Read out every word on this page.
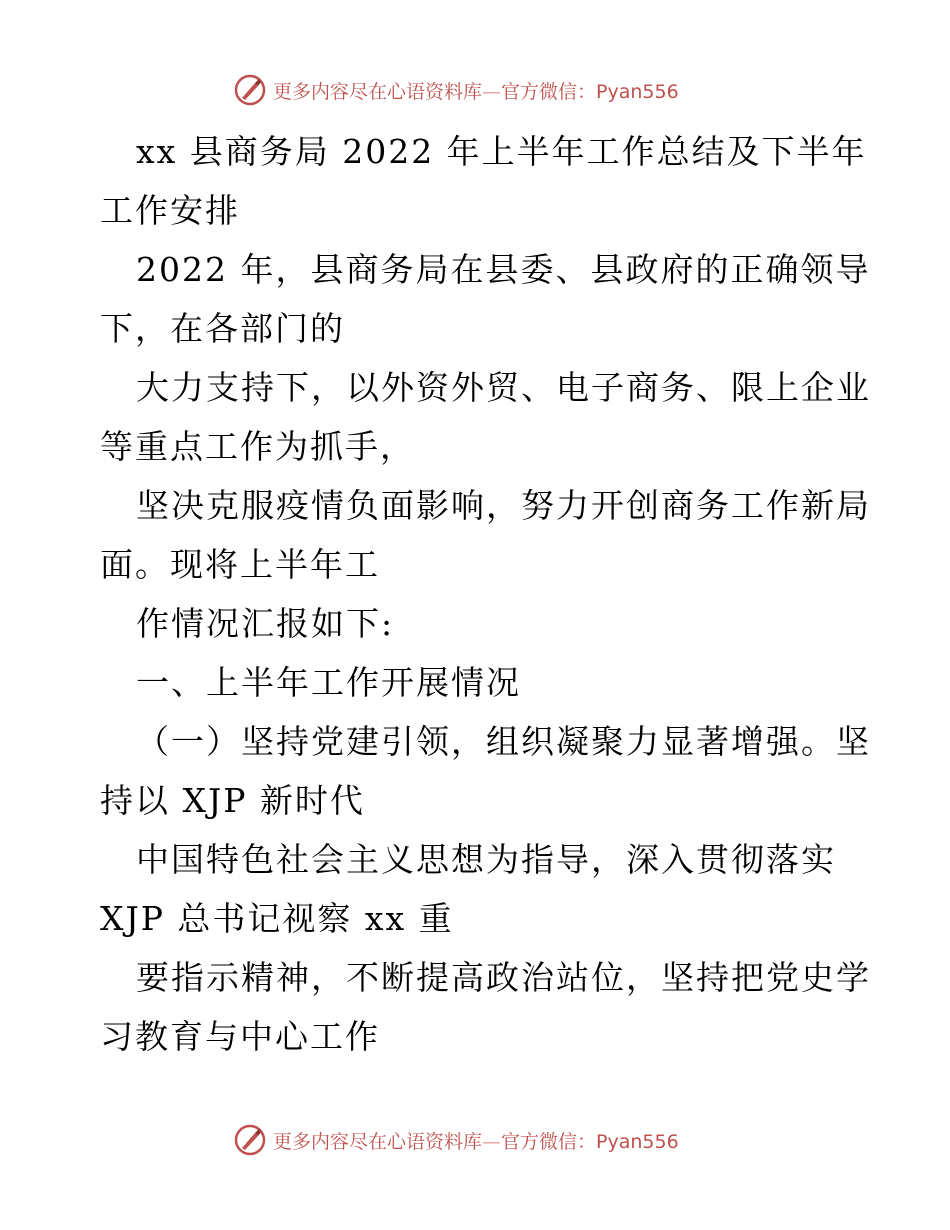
更多内容尽在心语资料库—官方微信：Pyan556
xx 县商务局 2022 年上半年工作总结及下半年
工作安排
2022 年，县商务局在县委、县政府的正确领导
下，在各部门的
大力支持下，以外资外贸、电子商务、限上企业
等重点工作为抓手，
坚决克服疫情负面影响，努力开创商务工作新局
面。现将上半年工
作情况汇报如下:
一、上半年工作开展情况
（一）坚持党建引领，组织凝聚力显著增强。坚
持以 XJP 新时代
中国特色社会主义思想为指导，深入贯彻落实
XJP 总书记视察 xx 重
要指示精神，不断提高政治站位，坚持把党史学
习教育与中心工作
更多内容尽在心语资料库—官方微信：Pyan556
